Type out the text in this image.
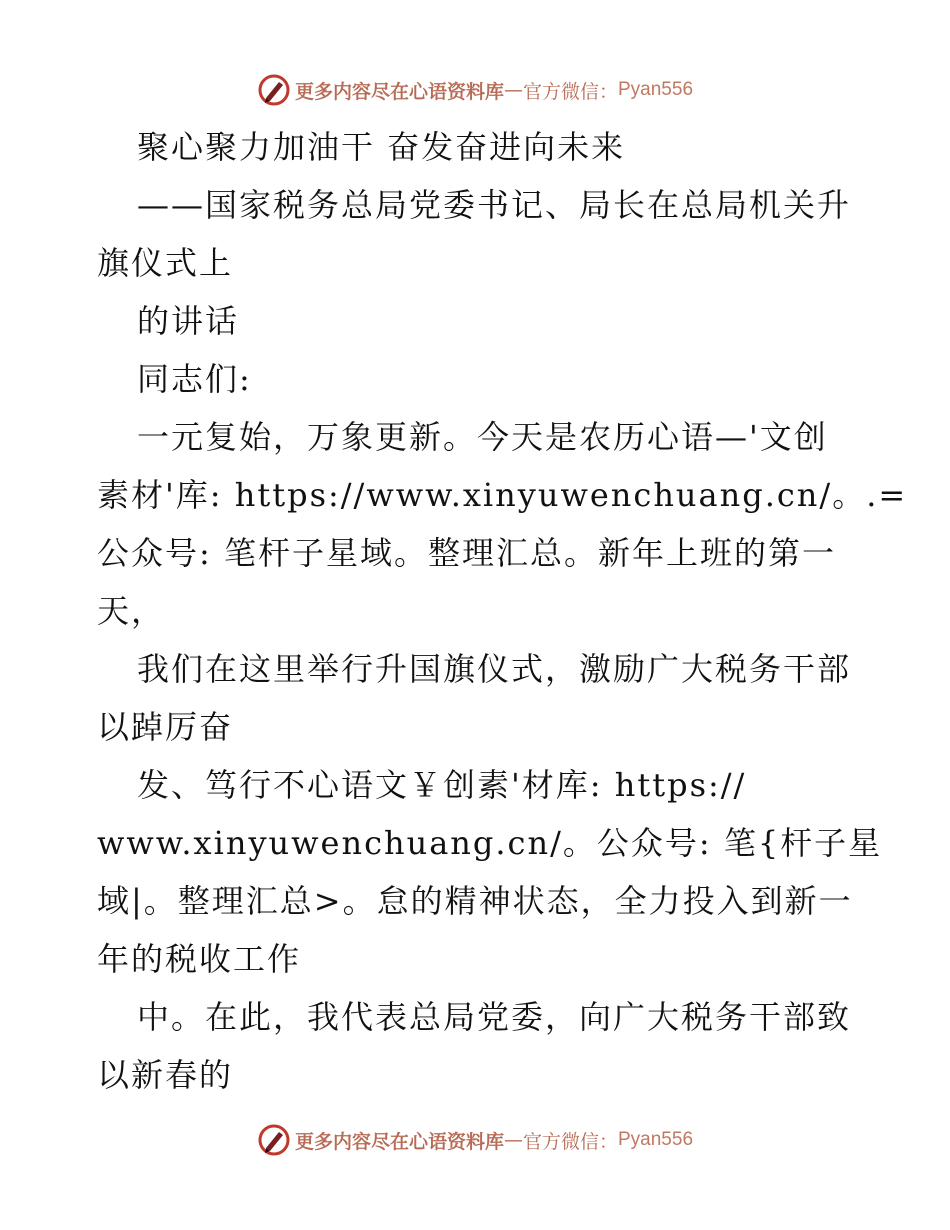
更多内容尽在心语资料库 — 官方微信： Pyan556
聚心聚力加油干 奋发奋进向未来
——国家税务总局党委书记、局长在总局机关升
旗仪式上
的讲话
同志们:
一元复始，万象更新。今天是农历心语—'文创
素材'库: https://www.xinyuwenchuang.cn/。.=
公众号: 笔杆子星域。整理汇总。新年上班的第一
天，
我们在这里举行升国旗仪式，激励广大税务干部
以踔厉奋
发、笃行不心语文￥创素'材库: https://
www.xinyuwenchuang.cn/。公众号: 笔{杆子星
域|。整理汇总>。怠的精神状态，全力投入到新一
年的税收工作
中。在此，我代表总局党委，向广大税务干部致
以新春的
更多内容尽在心语资料库 — 官方微信： Pyan556
